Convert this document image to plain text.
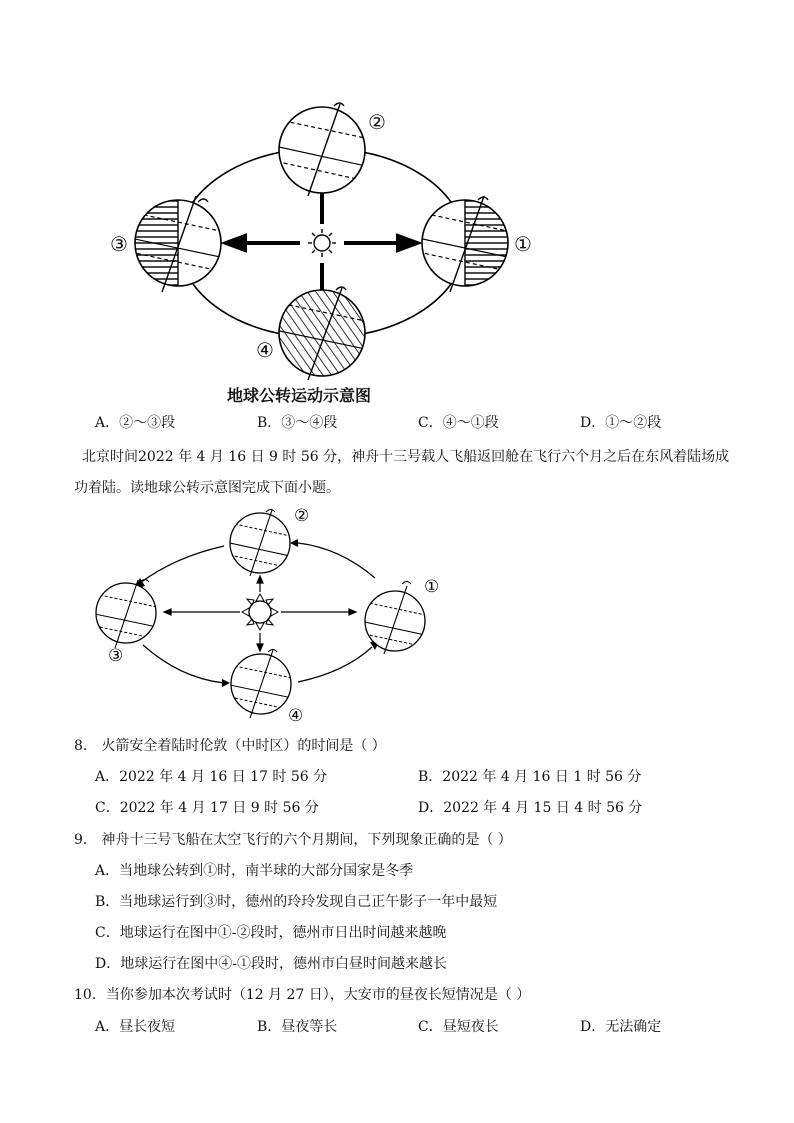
②
③	①
④
地球公转运动示意图
A．②～③段	B．③～④段	C．④～①段	D．①～②段
北京时间2022 年 4 月 16 日 9 时 56 分，神舟十三号载人飞船返回舱在飞行六个月之后在东风着陆场成
功着陆。读地球公转示意图完成下面小题。
②
①
③
④
8． 火箭安全着陆时伦敦（中时区）的时间是（ ）
A．2022 年 4 月 16 日 17 时 56 分	B．2022 年 4 月 16 日 1 时 56 分
C．2022 年 4 月 17 日 9 时 56 分	D．2022 年 4 月 15 日 4 时 56 分
9． 神舟十三号飞船在太空飞行的六个月期间，下列现象正确的是（ ）
A．当地球公转到①时，南半球的大部分国家是冬季
B．当地球运行到③时，德州的玲玲发现自己正午影子一年中最短
C．地球运行在图中①-②段时，德州市日出时间越来越晚
D．地球运行在图中④-①段时，德州市白昼时间越来越长
10．当你参加本次考试时（12 月 27 日），大安市的昼夜长短情况是（ ）
A．昼长夜短	B．昼夜等长	C．昼短夜长	D．无法确定
